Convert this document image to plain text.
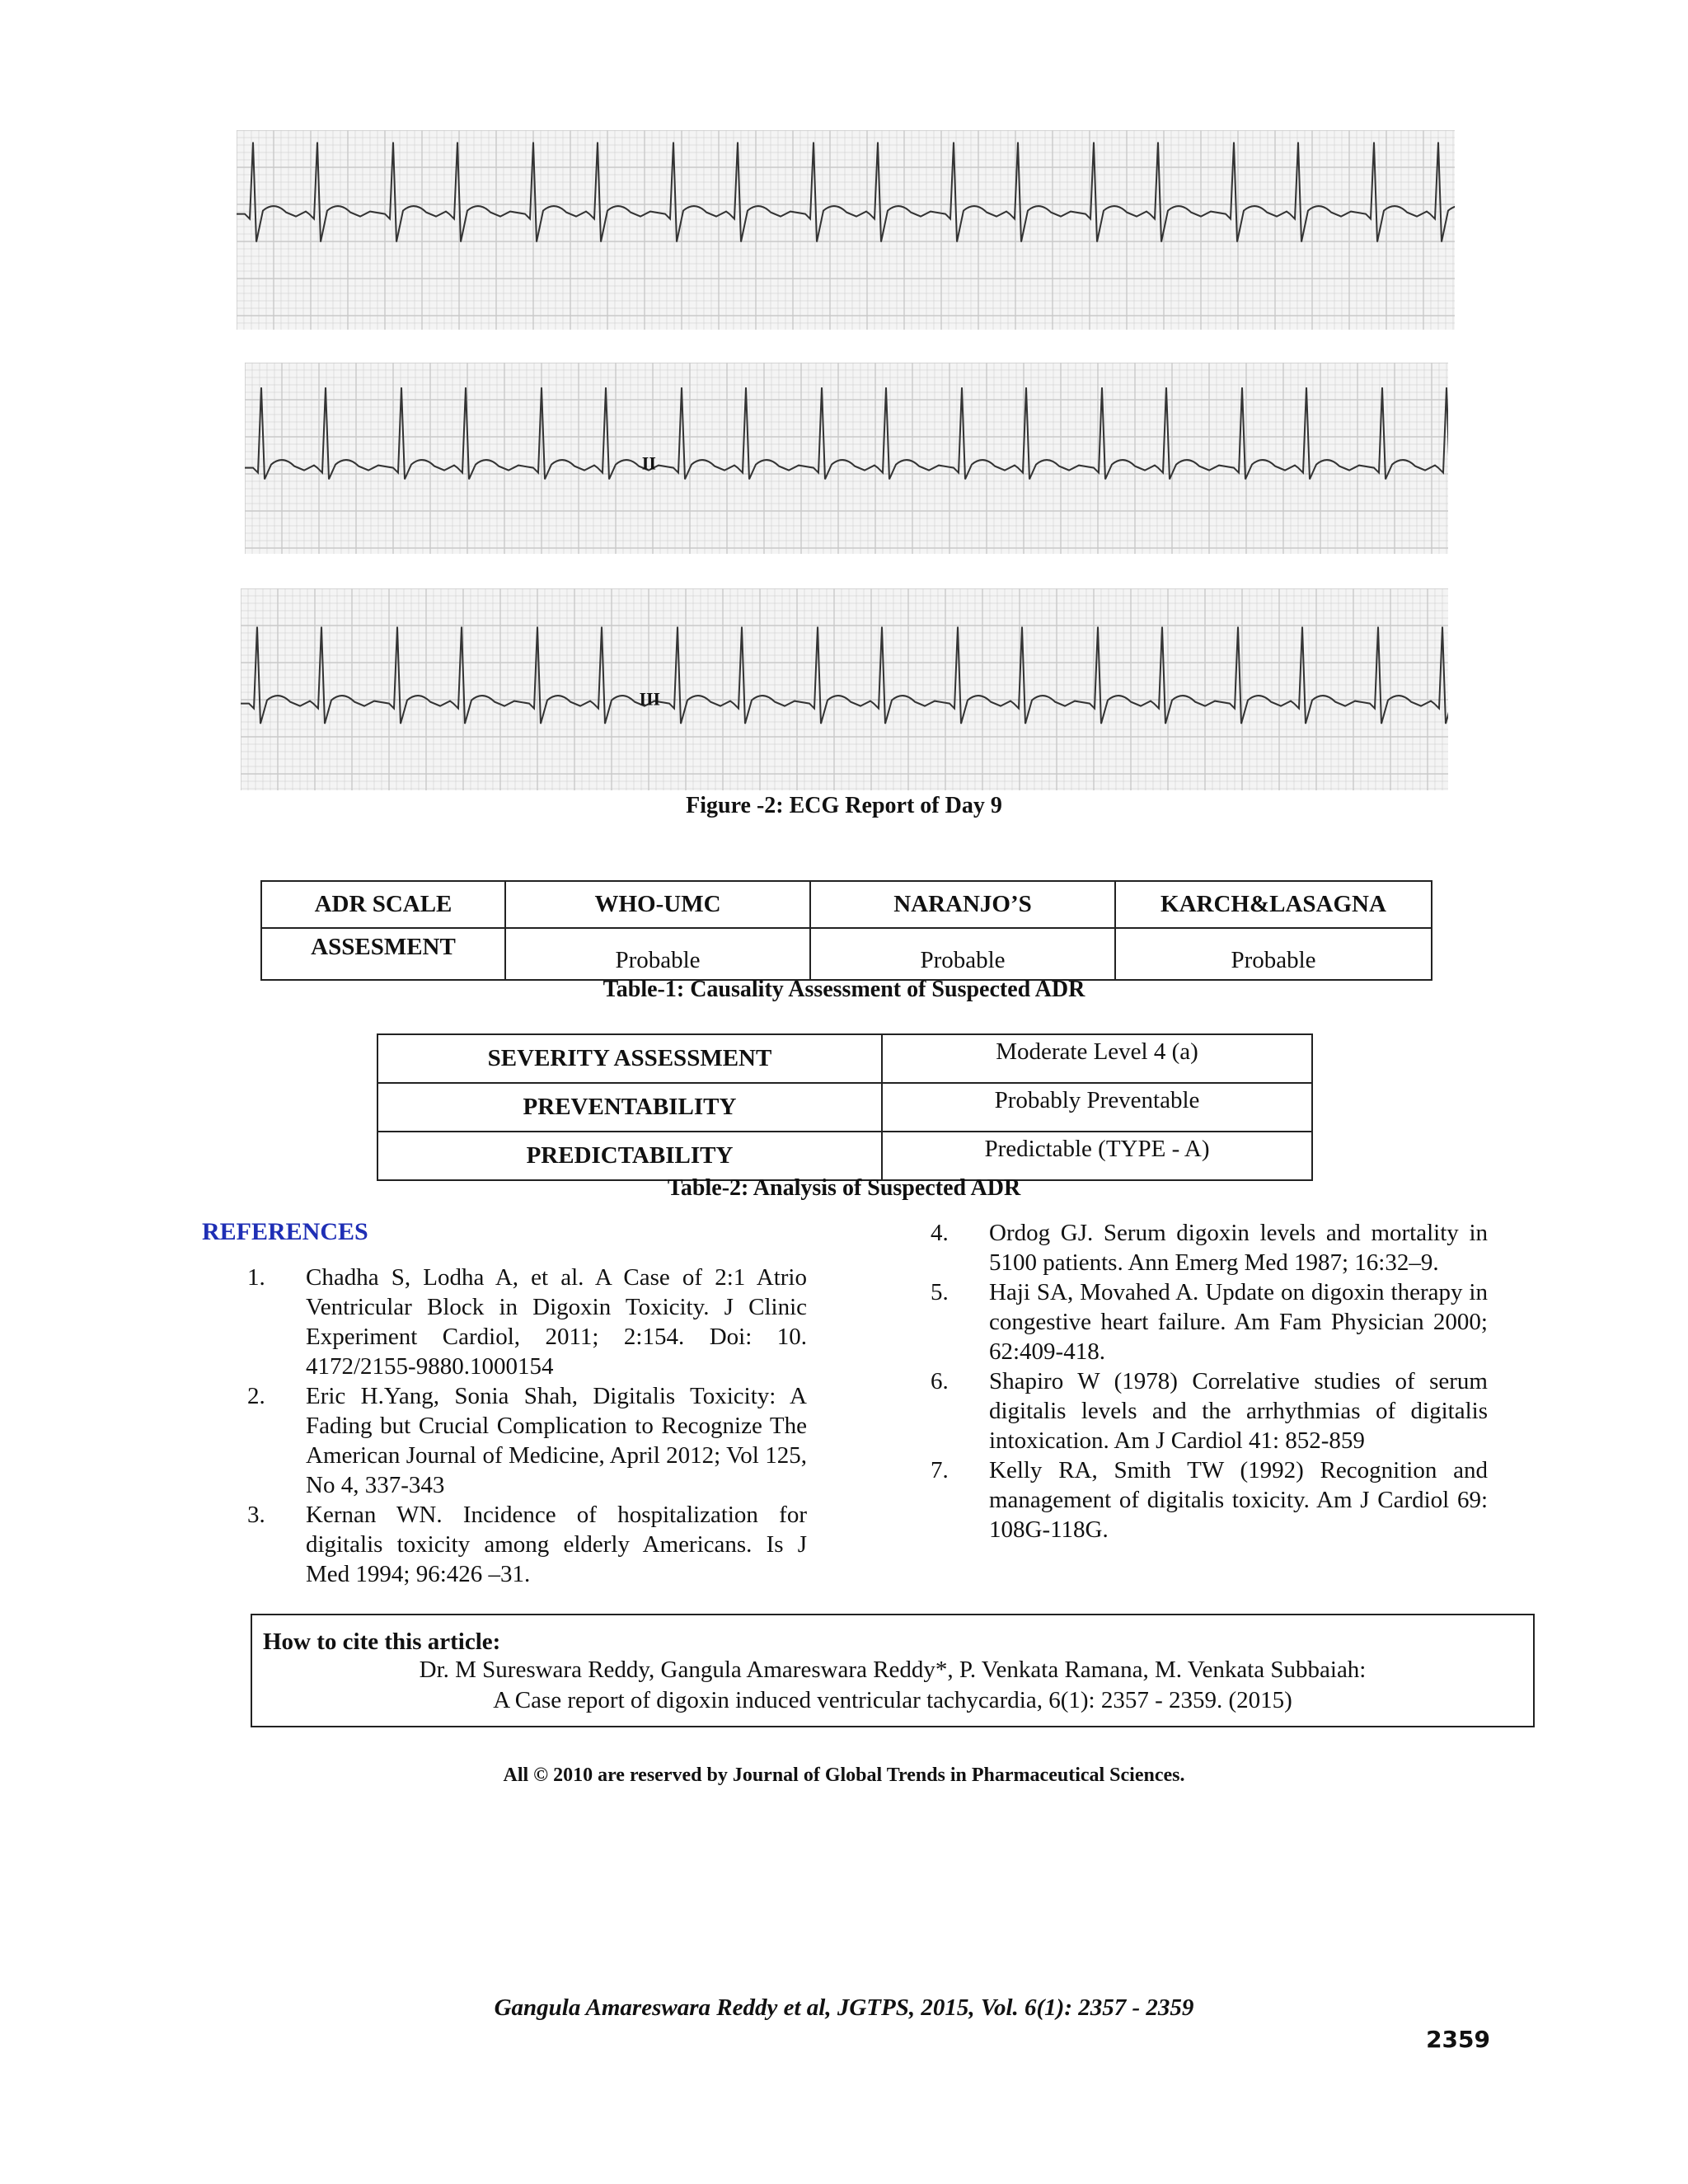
II
III
Figure -2: ECG Report of Day 9
ADR SCALE	WHO-UMC	NARANJO’S	KARCH&LASAGNA
ASSESMENT	Probable	Probable	Probable
Table-1: Causality Assessment of Suspected ADR
SEVERITY ASSESSMENT	Moderate Level 4 (a)
PREVENTABILITY	Probably Preventable
PREDICTABILITY	Predictable (TYPE - A)
Table-2: Analysis of Suspected ADR
REFERENCES
1. Chadha S, Lodha A, et al. A Case of 2:1 Atrio Ventricular Block in Digoxin Toxicity. J Clinic Experiment Cardiol, 2011; 2:154. Doi: 10. 4172/2155-9880.1000154
2. Eric H.Yang, Sonia Shah, Digitalis Toxicity: A Fading but Crucial Complication to Recognize The American Journal of Medicine, April 2012; Vol 125, No 4, 337-343
3. Kernan WN. Incidence of hospitalization for digitalis toxicity among elderly Americans. Is J Med 1994; 96:426 –31.
4. Ordog GJ. Serum digoxin levels and mortality in 5100 patients. Ann Emerg Med 1987; 16:32–9.
5. Haji SA, Movahed A. Update on digoxin therapy in congestive heart failure. Am Fam Physician 2000; 62:409-418.
6. Shapiro W (1978) Correlative studies of serum digitalis levels and the arrhythmias of digitalis intoxication. Am J Cardiol 41: 852-859
7. Kelly RA, Smith TW (1992) Recognition and management of digitalis toxicity. Am J Cardiol 69: 108G-118G.
How to cite this article:
Dr. M Sureswara Reddy, Gangula Amareswara Reddy*, P. Venkata Ramana, M. Venkata Subbaiah:
A Case report of digoxin induced ventricular tachycardia, 6(1): 2357 - 2359. (2015)
All © 2010 are reserved by Journal of Global Trends in Pharmaceutical Sciences.
Gangula Amareswara Reddy et al, JGTPS, 2015, Vol. 6(1): 2357 - 2359
2359
